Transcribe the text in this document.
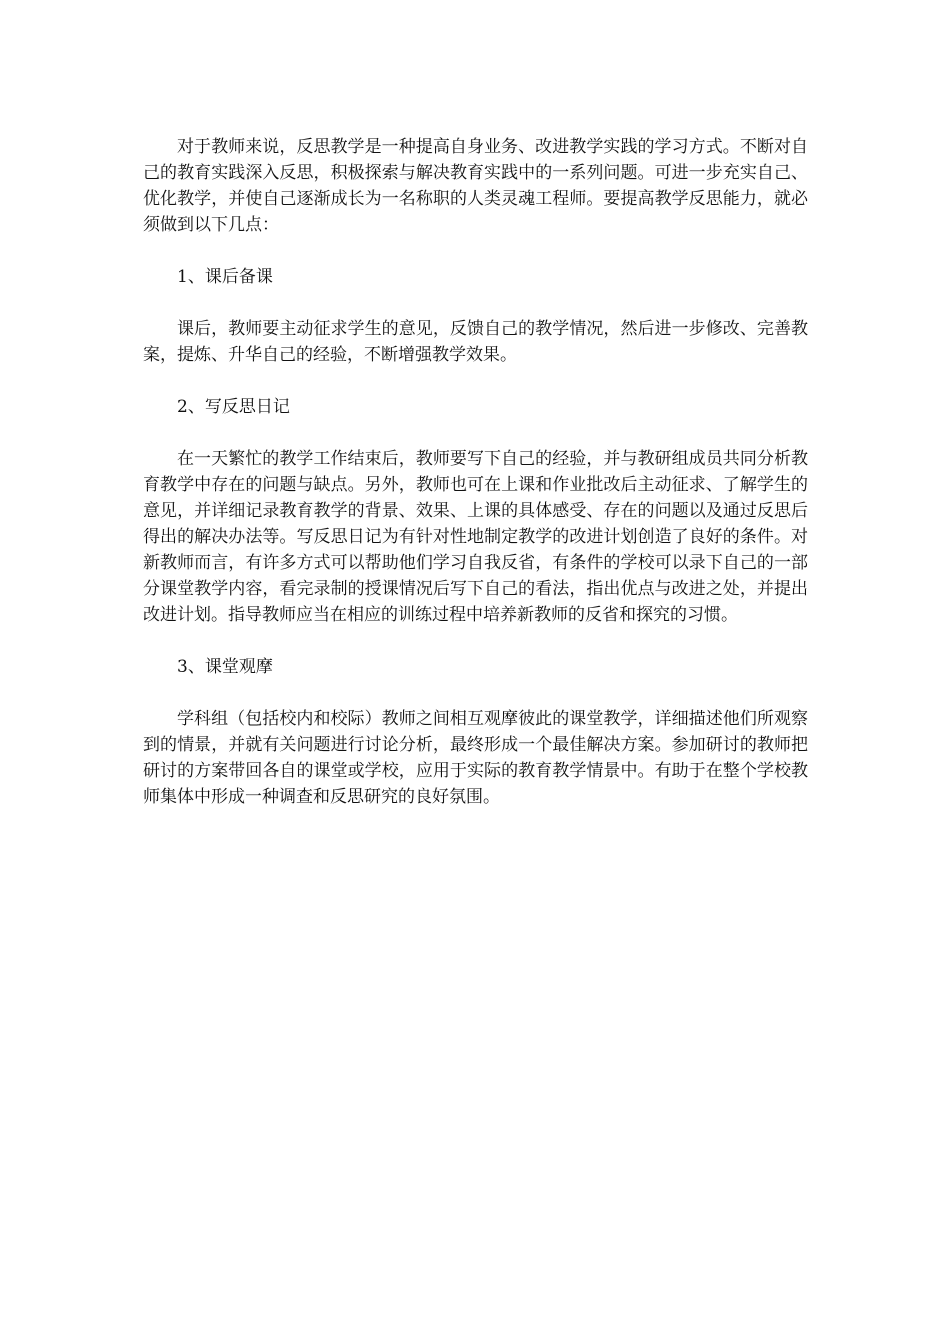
对于教师来说，反思教学是一种提高自身业务、改进教学实践的学习方式。不断对自己的教育实践深入反思，积极探索与解决教育实践中的一系列问题。可进一步充实自己、优化教学，并使自己逐渐成长为一名称职的人类灵魂工程师。要提高教学反思能力，就必须做到以下几点：

1、课后备课

课后，教师要主动征求学生的意见，反馈自己的教学情况，然后进一步修改、完善教案，提炼、升华自己的经验，不断增强教学效果。

2、写反思日记

在一天繁忙的教学工作结束后，教师要写下自己的经验，并与教研组成员共同分析教育教学中存在的问题与缺点。另外，教师也可在上课和作业批改后主动征求、了解学生的意见，并详细记录教育教学的背景、效果、上课的具体感受、存在的问题以及通过反思后得出的解决办法等。写反思日记为有针对性地制定教学的改进计划创造了良好的条件。对新教师而言，有许多方式可以帮助他们学习自我反省，有条件的学校可以录下自己的一部分课堂教学内容，看完录制的授课情况后写下自己的看法，指出优点与改进之处，并提出改进计划。指导教师应当在相应的训练过程中培养新教师的反省和探究的习惯。

3、课堂观摩

学科组（包括校内和校际）教师之间相互观摩彼此的课堂教学，详细描述他们所观察到的情景，并就有关问题进行讨论分析，最终形成一个最佳解决方案。参加研讨的教师把研讨的方案带回各自的课堂或学校，应用于实际的教育教学情景中。有助于在整个学校教师集体中形成一种调查和反思研究的良好氛围。
